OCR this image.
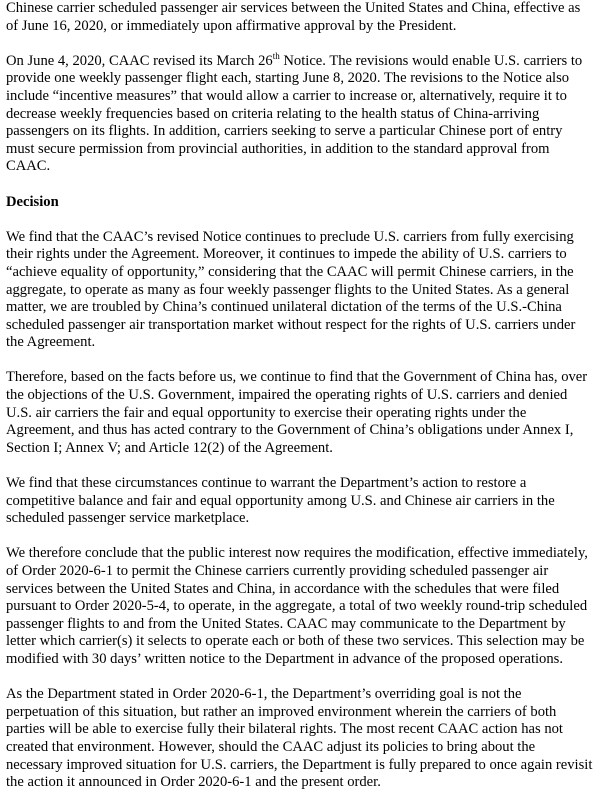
Chinese carrier scheduled passenger air services between the United States and China, effective as of June 16, 2020, or immediately upon affirmative approval by the President.

On June 4, 2020, CAAC revised its March 26th Notice. The revisions would enable U.S. carriers to provide one weekly passenger flight each, starting June 8, 2020. The revisions to the Notice also include “incentive measures” that would allow a carrier to increase or, alternatively, require it to decrease weekly frequencies based on criteria relating to the health status of China-arriving passengers on its flights. In addition, carriers seeking to serve a particular Chinese port of entry must secure permission from provincial authorities, in addition to the standard approval from CAAC.

Decision

We find that the CAAC’s revised Notice continues to preclude U.S. carriers from fully exercising their rights under the Agreement. Moreover, it continues to impede the ability of U.S. carriers to “achieve equality of opportunity,” considering that the CAAC will permit Chinese carriers, in the aggregate, to operate as many as four weekly passenger flights to the United States. As a general matter, we are troubled by China’s continued unilateral dictation of the terms of the U.S.-China scheduled passenger air transportation market without respect for the rights of U.S. carriers under the Agreement.

Therefore, based on the facts before us, we continue to find that the Government of China has, over the objections of the U.S. Government, impaired the operating rights of U.S. carriers and denied U.S. air carriers the fair and equal opportunity to exercise their operating rights under the Agreement, and thus has acted contrary to the Government of China’s obligations under Annex I, Section I; Annex V; and Article 12(2) of the Agreement.

We find that these circumstances continue to warrant the Department’s action to restore a competitive balance and fair and equal opportunity among U.S. and Chinese air carriers in the scheduled passenger service marketplace.

We therefore conclude that the public interest now requires the modification, effective immediately, of Order 2020-6-1 to permit the Chinese carriers currently providing scheduled passenger air services between the United States and China, in accordance with the schedules that were filed pursuant to Order 2020-5-4, to operate, in the aggregate, a total of two weekly round-trip scheduled passenger flights to and from the United States. CAAC may communicate to the Department by letter which carrier(s) it selects to operate each or both of these two services. This selection may be modified with 30 days’ written notice to the Department in advance of the proposed operations.

As the Department stated in Order 2020-6-1, the Department’s overriding goal is not the perpetuation of this situation, but rather an improved environment wherein the carriers of both parties will be able to exercise fully their bilateral rights. The most recent CAAC action has not created that environment. However, should the CAAC adjust its policies to bring about the necessary improved situation for U.S. carriers, the Department is fully prepared to once again revisit the action it announced in Order 2020-6-1 and the present order.
